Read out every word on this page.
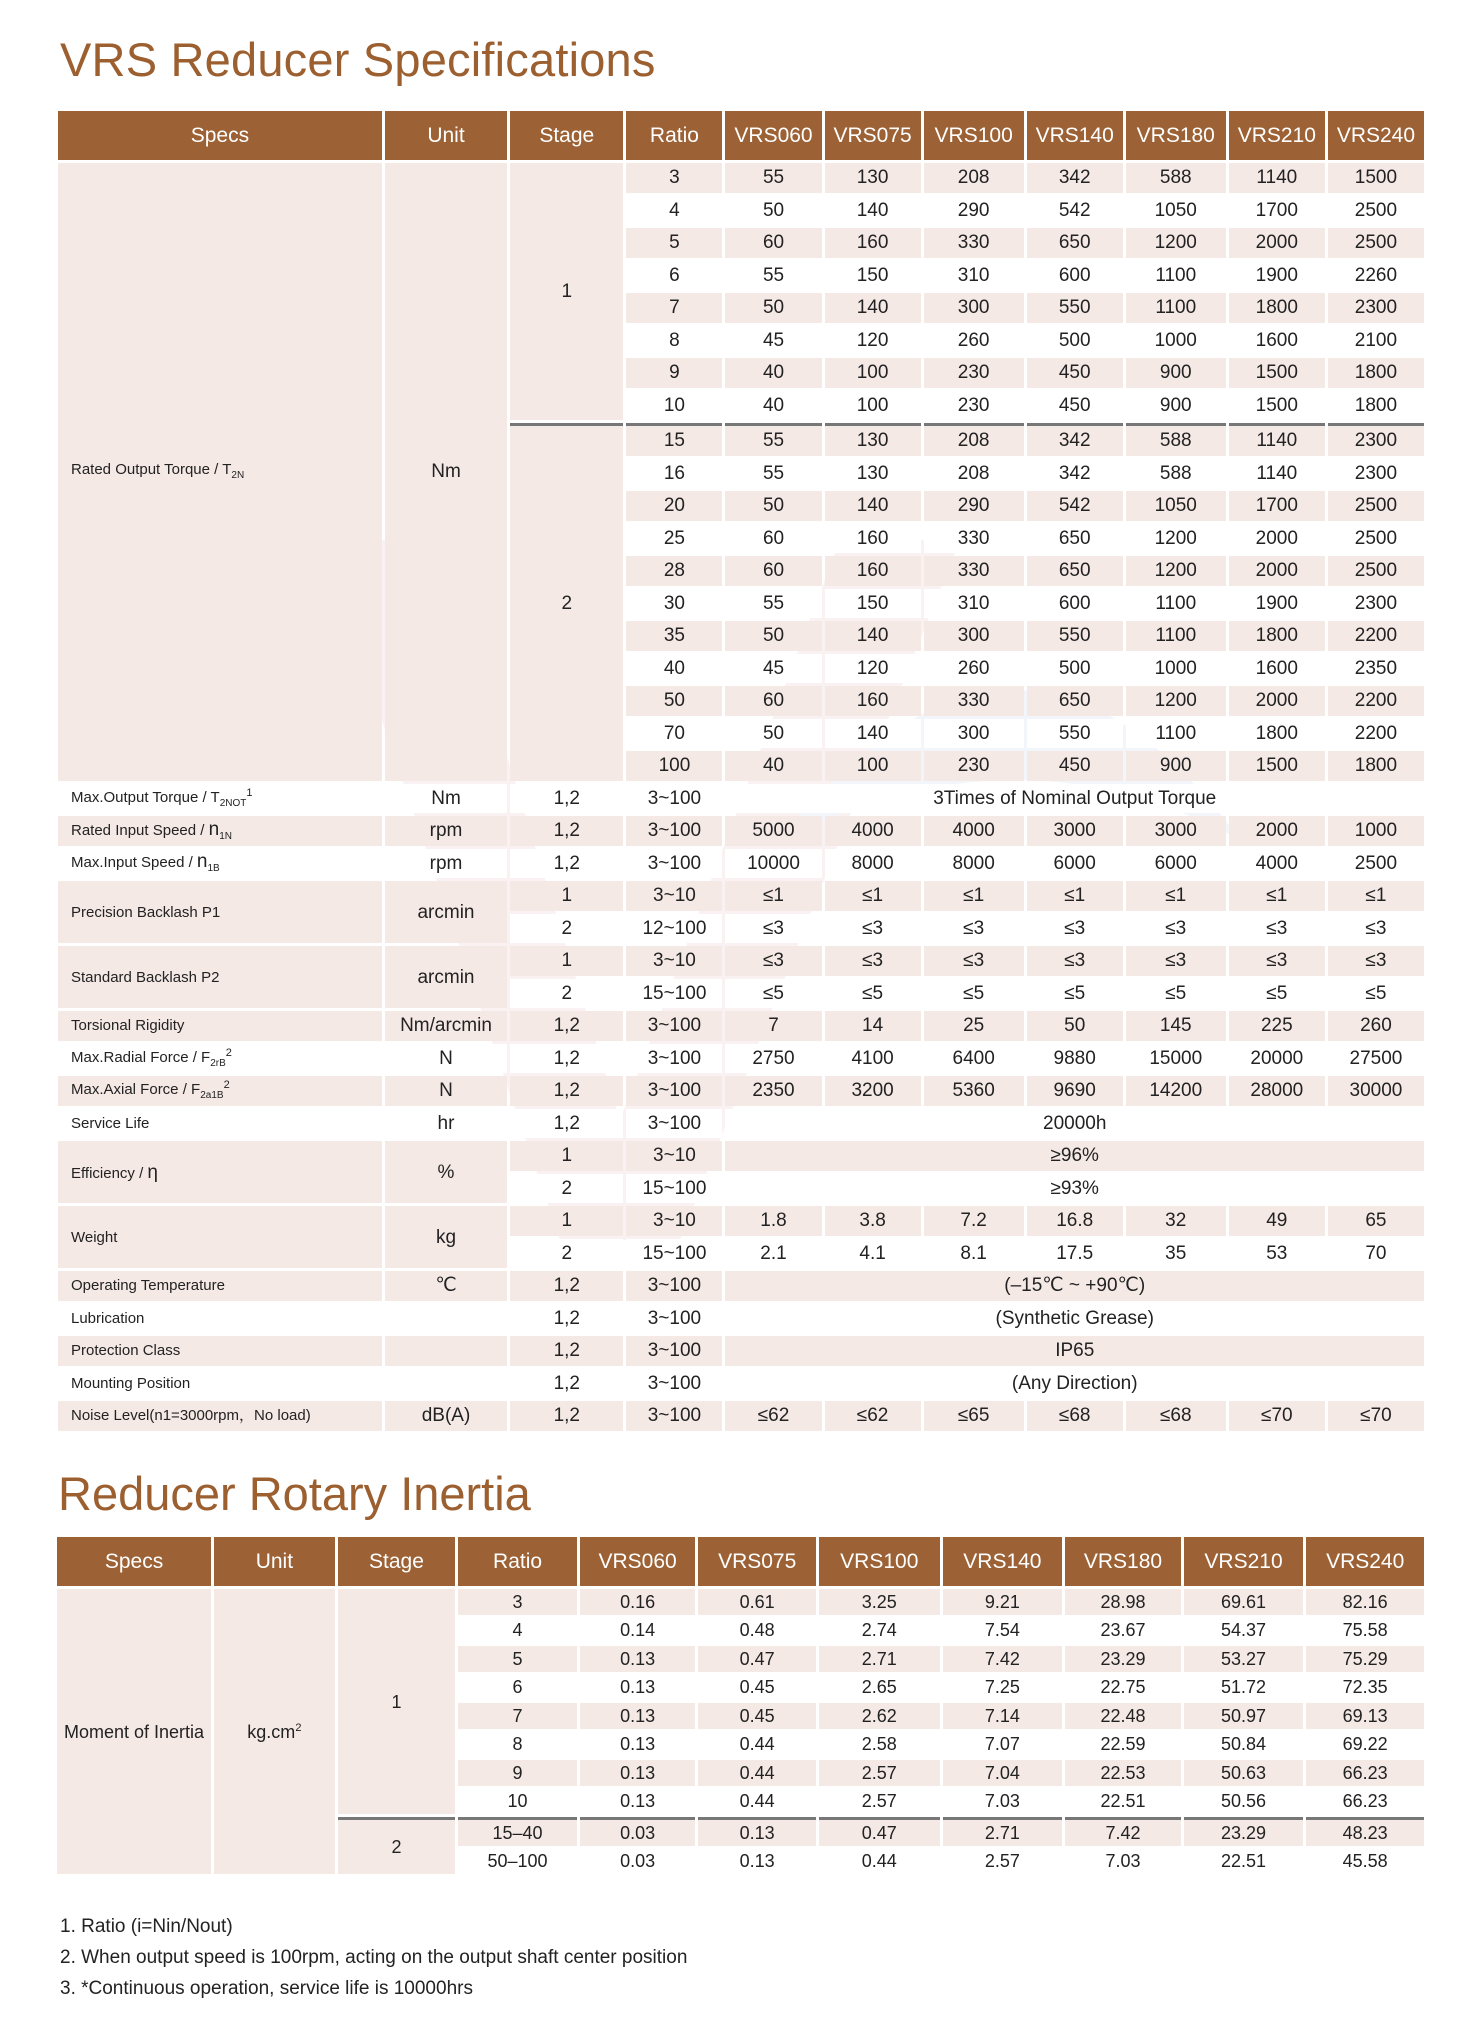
VRS Reducer Specifications
Specs	Unit	Stage	Ratio	VRS060	VRS075	VRS100	VRS140	VRS180	VRS210	VRS240
Rated Output Torque / $T_{2N}$	Nm	1	3	55	130	208	342	588	1140	1500
			4	50	140	290	542	1050	1700	2500
			5	60	160	330	650	1200	2000	2500
			6	55	150	310	600	1100	1900	2260
			7	50	140	300	550	1100	1800	2300
			8	45	120	260	500	1000	1600	2100
			9	40	100	230	450	900	1500	1800
			10	40	100	230	450	900	1500	1800
		2	15	55	130	208	342	588	1140	2300
			16	55	130	208	342	588	1140	2300
			20	50	140	290	542	1050	1700	2500
			25	60	160	330	650	1200	2000	2500
			28	60	160	330	650	1200	2000	2500
			30	55	150	310	600	1100	1900	2300
			35	50	140	300	550	1100	1800	2200
			40	45	120	260	500	1000	1600	2350
			50	60	160	330	650	1200	2000	2200
			70	50	140	300	550	1100	1800	2200
			100	40	100	230	450	900	1500	1800
Max.Output Torque / $T_{2NOT}^1$	Nm	1,2	3~100	3Times of Nominal Output Torque						
Rated Input Speed / $n_{1N}$	rpm	1,2	3~100	5000	4000	4000	3000	3000	2000	1000
Max.Input Speed / $n_{1B}$	rpm	1,2	3~100	10000	8000	8000	6000	6000	4000	2500
Precision Backlash P1	arcmin	1	3~10	≤1	≤1	≤1	≤1	≤1	≤1	≤1
		2	12~100	≤3	≤3	≤3	≤3	≤3	≤3	≤3
Standard Backlash P2	arcmin	1	3~10	≤3	≤3	≤3	≤3	≤3	≤3	≤3
		2	15~100	≤5	≤5	≤5	≤5	≤5	≤5	≤5
Torsional Rigidity	Nm/arcmin	1,2	3~100	7	14	25	50	145	225	260
Max.Radial Force / $F_{2rB}^2$	N	1,2	3~100	2750	4100	6400	9880	15000	20000	27500
Max.Axial Force / $F_{2a1B}^2$	N	1,2	3~100	2350	3200	5360	9690	14200	28000	30000
Service Life	hr	1,2	3~100	20000h						
Efficiency / η	%	1	3~10	≥96%						
		2	15~100	≥93%						
Weight	kg	1	3~10	1.8	3.8	7.2	16.8	32	49	65
		2	15~100	2.1	4.1	8.1	17.5	35	53	70
Operating Temperature	℃	1,2	3~100	(–15℃ ~ +90℃)						
Lubrication		1,2	3~100	(Synthetic Grease)						
Protection Class		1,2	3~100	IP65						
Mounting Position		1,2	3~100	(Any Direction)						
Noise Level(n1=3000rpm，No load)	dB(A)	1,2	3~100	≤62	≤62	≤65	≤68	≤68	≤70	≤70
Reducer Rotary Inertia
Specs	Unit	Stage	Ratio	VRS060	VRS075	VRS100	VRS140	VRS180	VRS210	VRS240
Moment of Inertia	$kg.cm^2$	1	3	0.16	0.61	3.25	9.21	28.98	69.61	82.16
			4	0.14	0.48	2.74	7.54	23.67	54.37	75.58
			5	0.13	0.47	2.71	7.42	23.29	53.27	75.29
			6	0.13	0.45	2.65	7.25	22.75	51.72	72.35
			7	0.13	0.45	2.62	7.14	22.48	50.97	69.13
			8	0.13	0.44	2.58	7.07	22.59	50.84	69.22
			9	0.13	0.44	2.57	7.04	22.53	50.63	66.23
			10	0.13	0.44	2.57	7.03	22.51	50.56	66.23
		2	15–40	0.03	0.13	0.47	2.71	7.42	23.29	48.23
			50–100	0.03	0.13	0.44	2.57	7.03	22.51	45.58
1. Ratio (i=Nin/Nout)
2. When output speed is 100rpm, acting on the output shaft center position
3. *Continuous operation, service life is 10000hrs
